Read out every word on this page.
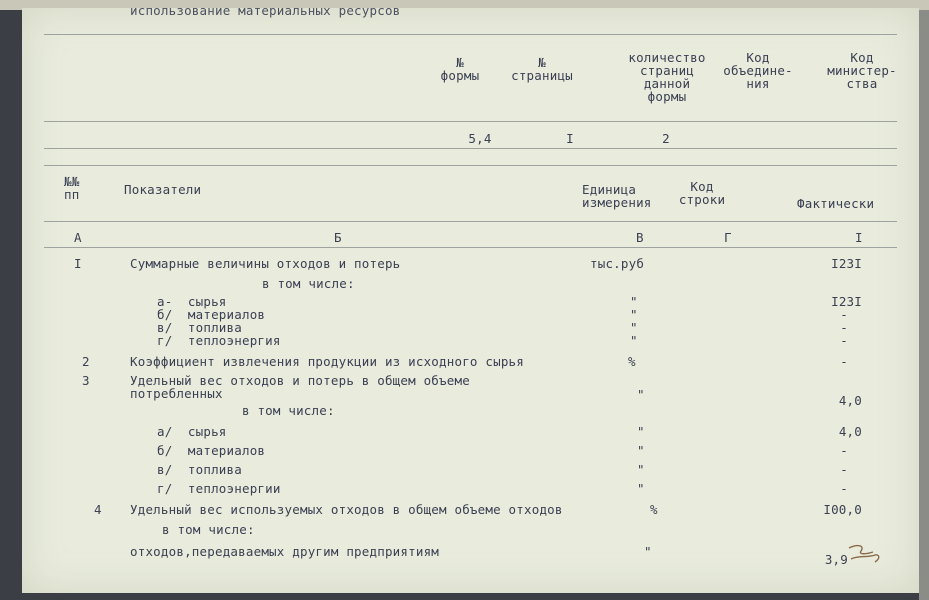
использование материальных ресурсов
№
формы
№
страницы
количество
страниц
данной
формы
Код
объедине-
ния
Код
министер-
ства
5,4	I	2
№№
пп	Показатели	Единица
измерения
Код
строки	Фактически
А	Б	В	Г	I
I	Суммарные величины отходов и потерь	тыс.руб	I23I
в том числе:
а-  сырья	"	I23I
б/  материалов	"	-
в/  топлива	"	-
г/  теплоэнергия	"	-
2	Коэффициент извлечения продукции из исходного сырья	%	-
3	Удельный вес отходов и потерь в общем объеме
потребленных	"	4,0
в том числе:
а/  сырья	"	4,0
б/  материалов	"	-
в/  топлива	"	-
г/  теплоэнергии	"	-
4 Удельный вес используемых отходов в общем объеме отходов	%	I00,0
в том числе:
отходов,передаваемых другим предприятиям	"
3,9
